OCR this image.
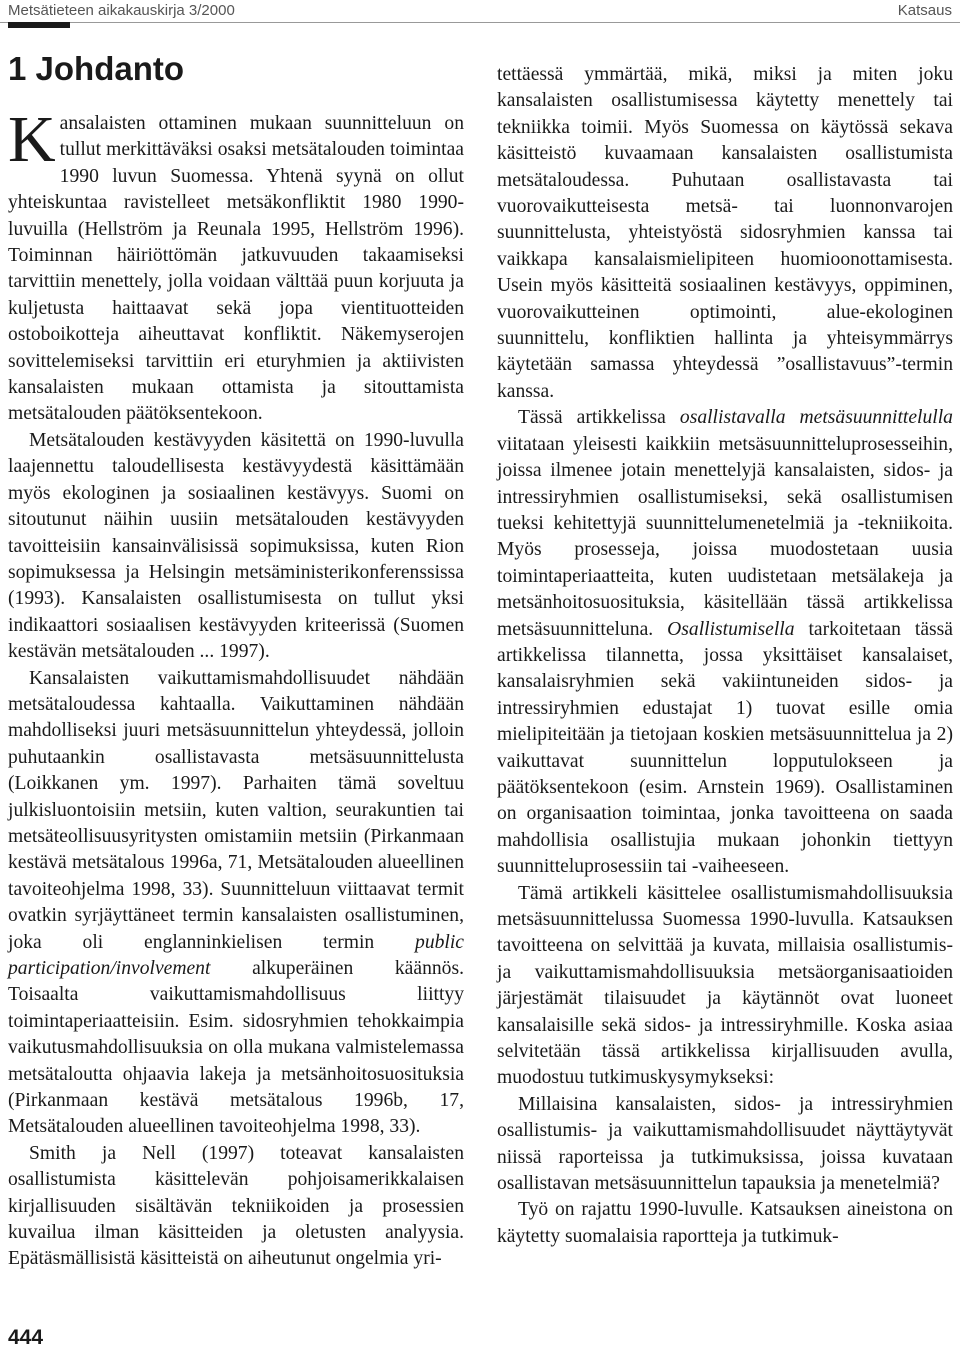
Metsätieteen aikakauskirja 3/2000	Katsaus
1 Johdanto

Kansalaisten ottaminen mukaan suunnitteluun on tullut merkittäväksi osaksi metsätalouden toimintaa 1990 luvun Suomessa. Yhtenä syynä on ollut yhteiskuntaa ravistelleet metsäkonfliktit 1980 1990-luvuilla (Hellström ja Reunala 1995, Hellström 1996). Toiminnan häiriöttömän jatkuvuuden takaamiseksi tarvittiin menettely, jolla voidaan välttää puun korjuuta ja kuljetusta haittaavat sekä jopa vientituotteiden ostoboikotteja aiheuttavat konfliktit. Näkemyserojen sovittelemiseksi tarvittiin eri eturyhmien ja aktiivisten kansalaisten mukaan ottamista ja sitouttamista metsätalouden päätöksentekoon.

Metsätalouden kestävyyden käsitettä on 1990-luvulla laajennettu taloudellisesta kestävyydestä käsittämään myös ekologinen ja sosiaalinen kestävyys. Suomi on sitoutunut näihin uusiin metsätalouden kestävyyden tavoitteisiin kansainvälisissä sopimuksissa, kuten Rion sopimuksessa ja Helsingin metsäministerikonferenssissa (1993). Kansalaisten osallistumisesta on tullut yksi indikaattori sosiaalisen kestävyyden kriteerissä (Suomen kestävän metsätalouden ... 1997).

Kansalaisten vaikuttamismahdollisuudet nähdään metsätaloudessa kahtaalla. Vaikuttaminen nähdään mahdolliseksi juuri metsäsuunnittelun yhteydessä, jolloin puhutaankin osallistavasta metsäsuunnittelusta (Loikkanen ym. 1997). Parhaiten tämä soveltuu julkisluontoisiin metsiin, kuten valtion, seurakuntien tai metsäteollisuusyritysten omistamiin metsiin (Pirkanmaan kestävä metsätalous 1996a, 71, Metsätalouden alueellinen tavoiteohjelma 1998, 33). Suunnitteluun viittaavat termit ovatkin syrjäyttäneet termin kansalaisten osallistuminen, joka oli englanninkielisen termin public participation/involvement alkuperäinen käännös. Toisaalta vaikuttamismahdollisuus liittyy toimintaperiaatteisiin. Esim. sidosryhmien tehokkaimpia vaikutusmahdollisuuksia on olla mukana valmistelemassa metsätaloutta ohjaavia lakeja ja metsänhoitosuosituksia (Pirkanmaan kestävä metsätalous 1996b, 17, Metsätalouden alueellinen tavoiteohjelma 1998, 33).

Smith ja Nell (1997) toteavat kansalaisten osallistumista käsittelevän pohjoisamerikkalaisen kirjallisuuden sisältävän tekniikoiden ja prosessien kuvailua ilman käsitteiden ja oletusten analyysia. Epätäsmällisistä käsitteistä on aiheutunut ongelmia yri-

tettäessä ymmärtää, mikä, miksi ja miten joku kansalaisten osallistumisessa käytetty menettely tai tekniikka toimii. Myös Suomessa on käytössä sekava käsitteistö kuvaamaan kansalaisten osallistumista metsätaloudessa. Puhutaan osallistavasta tai vuorovaikutteisesta metsä- tai luonnonvarojen suunnittelusta, yhteistyöstä sidosryhmien kanssa tai vaikkapa kansalaismielipiteen huomioonottamisesta. Usein myös käsitteitä sosiaalinen kestävyys, oppiminen, vuorovaikutteinen optimointi, alue-ekologinen suunnittelu, konfliktien hallinta ja yhteisymmärrys käytetään samassa yhteydessä ”osallistavuus”-termin kanssa.

Tässä artikkelissa osallistavalla metsäsuunnittelulla viitataan yleisesti kaikkiin metsäsuunnitteluprosesseihin, joissa ilmenee jotain menettelyjä kansalaisten, sidos- ja intressiryhmien osallistumiseksi, sekä osallistumisen tueksi kehitettyjä suunnittelumenetelmiä ja -tekniikoita. Myös prosesseja, joissa muodostetaan uusia toimintaperiaatteita, kuten uudistetaan metsälakeja ja metsänhoitosuosituksia, käsitellään tässä artikkelissa metsäsuunnitteluna. Osallistumisella tarkoitetaan tässä artikkelissa tilannetta, jossa yksittäiset kansalaiset, kansalaisryhmien sekä vakiintuneiden sidos- ja intressiryhmien edustajat 1) tuovat esille omia mielipiteitään ja tietojaan koskien metsäsuunnittelua ja 2) vaikuttavat suunnittelun lopputulokseen ja päätöksentekoon (esim. Arnstein 1969). Osallistaminen on organisaation toimintaa, jonka tavoitteena on saada mahdollisia osallistujia mukaan johonkin tiettyyn suunnitteluprosessiin tai -vaiheeseen.

Tämä artikkeli käsittelee osallistumismahdollisuuksia metsäsuunnittelussa Suomessa 1990-luvulla. Katsauksen tavoitteena on selvittää ja kuvata, millaisia osallistumis- ja vaikuttamismahdollisuuksia metsäorganisaatioiden järjestämät tilaisuudet ja käytännöt ovat luoneet kansalaisille sekä sidos- ja intressiryhmille. Koska asiaa selvitetään tässä artikkelissa kirjallisuuden avulla, muodostuu tutkimuskysymykseksi:

Millaisina kansalaisten, sidos- ja intressiryhmien osallistumis- ja vaikuttamismahdollisuudet näyttäytyvät niissä raporteissa ja tutkimuksissa, joissa kuvataan osallistavan metsäsuunnittelun tapauksia ja menetelmiä?

Työ on rajattu 1990-luvulle. Katsauksen aineistona on käytetty suomalaisia raportteja ja tutkimuk-

444
